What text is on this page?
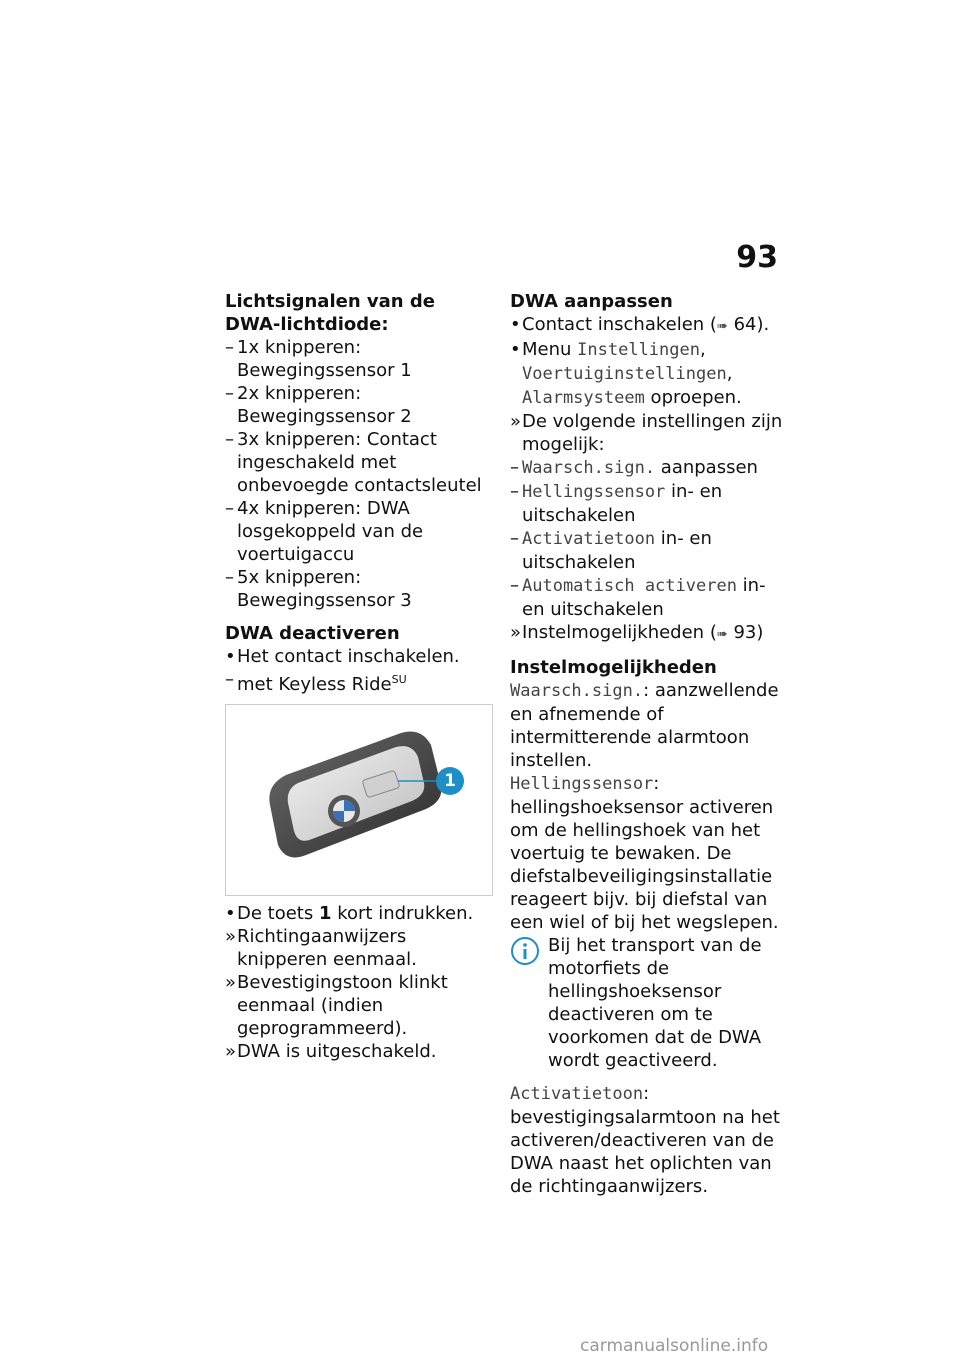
93

Lichtsignalen van de DWA-lichtdiode:

– 1x knipperen: Bewegingssensor 1
– 2x knipperen: Bewegingssensor 2
– 3x knipperen: Contact ingeschakeld met onbevoegde contactsleutel
– 4x knipperen: DWA losgekoppeld van de voertuigaccu
– 5x knipperen: Bewegingssensor 3

DWA deactiveren

• Het contact inschakelen.
– met Keyless Ride$^{SU}$
1
• De toets 1 kort indrukken.
» Richtingaanwijzers knipperen eenmaal.
» Bevestigingstoon klinkt eenmaal (indien geprogrammeerd).
» DWA is uitgeschakeld.

DWA aanpassen

• Contact inschakelen (➠ 64).
• Menu Instellingen, Voertuiginstellingen, Alarmsysteem oproepen.
» De volgende instellingen zijn mogelijk:
– Waarsch.sign. aanpassen
– Hellingssensor in- en uitschakelen
– Activatietoon in- en uitschakelen
– Automatisch activeren in- en uitschakelen
» Instelmogelijkheden (➠ 93)

Instelmogelijkheden

Waarsch.sign.: aanzwellende en afnemende of intermitterende alarmtoon instellen.
Hellingssensor: hellingshoeksensor activeren om de hellingshoek van het voertuig te bewaken. De diefstalbeveiligingsinstallatie reageert bijv. bij diefstal van een wiel of bij het wegslepen.
Bij het transport van de motorfiets de hellingshoeksensor deactiveren om te voorkomen dat de DWA wordt geactiveerd.
Activatietoon: bevestigingsalarmtoon na het activeren/deactiveren van de DWA naast het oplichten van de richtingaanwijzers.
carmanualsonline.info
